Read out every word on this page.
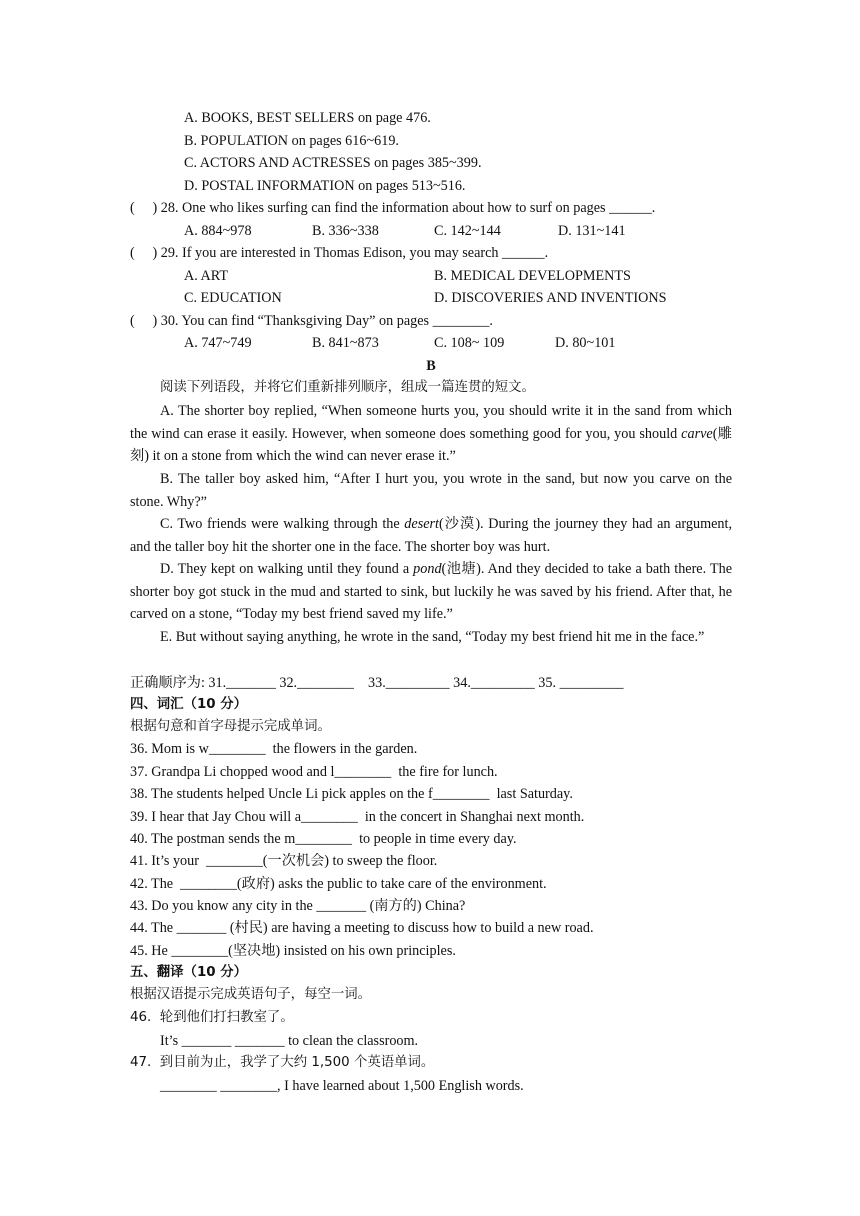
A. BOOKS, BEST SELLERS on page 476.
B. POPULATION on pages 616~619.
C. ACTORS AND ACTRESSES on pages 385~399.
D. POSTAL INFORMATION on pages 513~516.
(     ) 28. One who likes surfing can find the information about how to surf on pages ______.
A. 884~978	B. 336~338	C. 142~144	D. 131~141
(     ) 29. If you are interested in Thomas Edison, you may search ______.
A. ART	B. MEDICAL DEVELOPMENTS
C. EDUCATION	D. DISCOVERIES AND INVENTIONS
(     ) 30. You can find “Thanksgiving Day” on pages ________.
A. 747~749	B. 841~873	C. 108~ 109	D. 80~101
B
阅读下列语段，并将它们重新排列顺序，组成一篇连贯的短文。
A. The shorter boy replied, “When someone hurts you, you should write it in the sand from which the wind can erase it easily. However, when someone does something good for you, you should carve(雕刻) it on a stone from which the wind can never erase it.”
B. The taller boy asked him, “After I hurt you, you wrote in the sand, but now you carve on the stone. Why?”
C. Two friends were walking through the desert(沙漠). During the journey they had an argument, and the taller boy hit the shorter one in the face. The shorter boy was hurt.
D. They kept on walking until they found a pond(池塘). And they decided to take a bath there. The shorter boy got stuck in the mud and started to sink, but luckily he was saved by his friend. After that, he carved on a stone, “Today my best friend saved my life.”
E. But without saying anything, he wrote in the sand, “Today my best friend hit me in the face.”
正确顺序为: 31._______ 32.________    33._________ 34._________ 35. _________
四、词汇（10 分）
根据句意和首字母提示完成单词。
36. Mom is w________  the flowers in the garden.
37. Grandpa Li chopped wood and l________  the fire for lunch.
38. The students helped Uncle Li pick apples on the f________  last Saturday.
39. I hear that Jay Chou will a________  in the concert in Shanghai next month.
40. The postman sends the m________  to people in time every day.
41. It’s your  ________(一次机会) to sweep the floor.
42. The  ________(政府) asks the public to take care of the environment.
43. Do you know any city in the _______ (南方的) China?
44. The _______ (村民) are having a meeting to discuss how to build a new road.
45. He ________(坚决地) insisted on his own principles.
五、翻译（10 分）
根据汉语提示完成英语句子，每空一词。
46.  轮到他们打扫教室了。
It’s _______ _______ to clean the classroom.
47.  到目前为止，我学了大约 1,500 个英语单词。
________ ________, I have learned about 1,500 English words.
